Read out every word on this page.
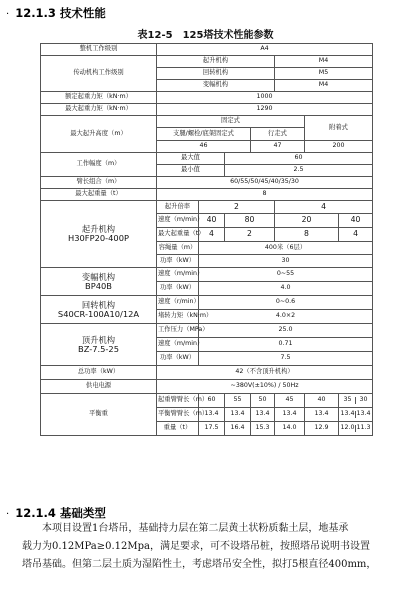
· 12.1.3 技术性能
表12-5　125塔技术性能参数
整机工作级别	A4						
传动机构工作级别	起升机构				M4		
	回转机构				M5		
	变幅机构				M4		
额定起重力矩（kN·m）	1000						
最大起重力矩（kN·m）	1290						
最大起升高度（m）	固定式					附着式	
	支腿/螺栓/底架固定式			行走式			
	46			47		200	
工作幅度（m）	最大值		60				
	最小值		2.5				
臂长组合（m）	60/55/50/45/40/35/30						
最大起重量（t）	8						

起升机构
H30FP20-400P	起升倍率	2			4		
	速度（m/min）	40	80		20		40
	最大起重量（t）	4	2		8		4
	容绳量（m）	400米（6层）					
	功率（kW）	30					

变幅机构
BP40B	速度（m/min）	0~55					
	功率（kW）	4.0					

回转机构
S40CR-100A10/12A	速度（r/min）	0~0.6					
	堵转力矩（kN·m）	4.0×2					

顶升机构
BZ-7.5-25	工作压力（MPa）	25.0					
	速度（m/min）	0.71					
	功率（kW）	7.5					
总功率（kW）	42（不含顶升机构）						
供电电源	~380V(±10%) / 50Hz						
平衡重	起重臂臂长（m）	60	55	50	45	40	35 30

	平衡臂臂长（m）	13.4	13.4	13.4	13.4	13.4	13.4 13.4

	重量（t）	17.5	16.4	15.3	14.0	12.9	12.0 11.3
· 12.1.4 基础类型
本项目设置1台塔吊，基础持力层在第二层黄土状粉质黏土层，地基承
载力为0.12MPa≥0.12Mpa，满足要求，可不设塔吊桩，按照塔吊说明书设置
塔吊基础。但第二层土质为湿陷性土，考虑塔吊安全性，拟打5根直径400mm，
